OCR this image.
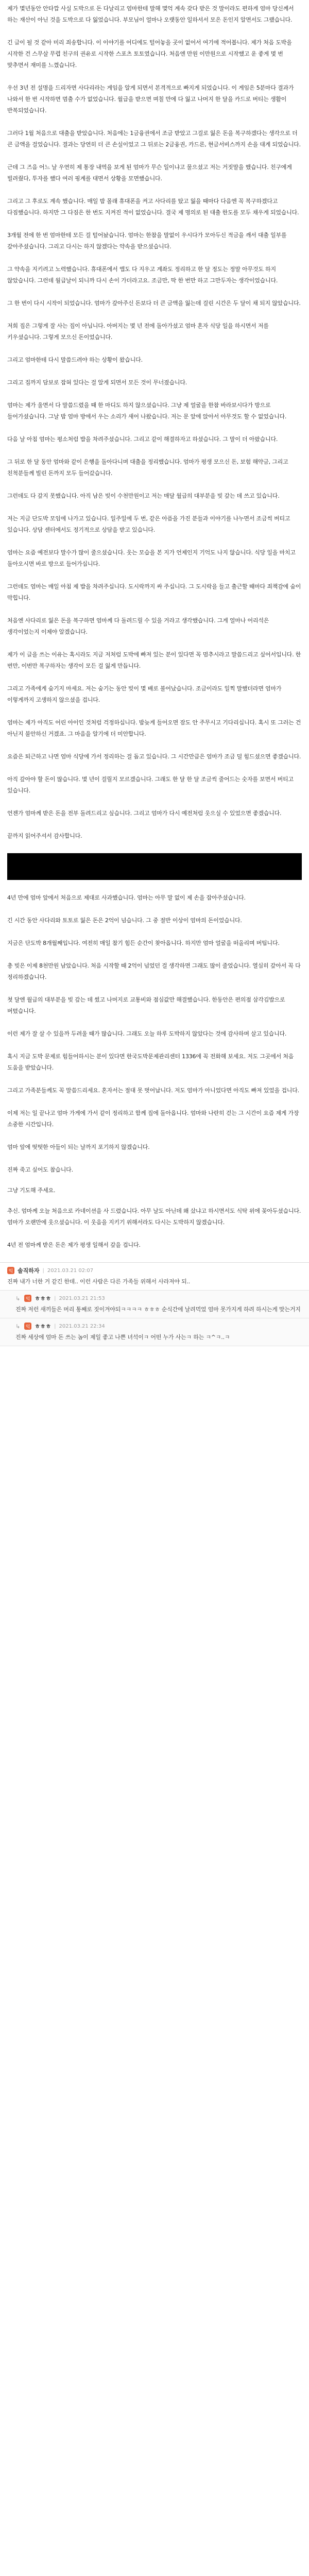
제가 몇년동안 안타깝 사실 도박으로 돈 다날리고 엄마한테 말해 몇억 계속 갖다 받은 것 말이라도 편하게 엄마 당신께서 하는 재산이 아닌 것을 도박으로 다 잃었습니다. 부모님이 얼마나 오랫동안 일하셔서 모은 돈인지 알면서도 그랬습니다.

긴 글이 될 것 같아 미리 죄송합니다. 이 이야기를 어디에도 털어놓을 곳이 없어서 여기에 적어봅니다. 제가 처음 도박을 시작한 건 스무살 무렵 친구의 권유로 시작한 스포츠 토토였습니다. 처음엔 만원 이만원으로 시작했고 운 좋게 몇 번 맞추면서 재미를 느꼈습니다.

우선 3년 전 설명을 드리자면 사다리라는 게임을 알게 되면서 본격적으로 빠지게 되었습니다. 이 게임은 5분마다 결과가 나와서 한 번 시작하면 멈출 수가 없었습니다. 월급을 받으면 며칠 만에 다 잃고 나머지 한 달을 카드로 버티는 생활이 반복되었습니다.

그러다 1월 처음으로 대출을 받았습니다. 처음에는 1금융권에서 조금 받았고 그걸로 잃은 돈을 복구하겠다는 생각으로 더 큰 금액을 걸었습니다. 결과는 당연히 더 큰 손실이었고 그 뒤로는 2금융권, 카드론, 현금서비스까지 손을 대게 되었습니다.

근데 그 즈음 어느 날 우연히 제 통장 내역을 보게 된 엄마가 무슨 일이냐고 물으셨고 저는 거짓말을 했습니다. 친구에게 빌려줬다, 투자를 했다 여러 핑계를 대면서 상황을 모면했습니다.

그리고 그 후로도 계속 했습니다. 매일 밤 몰래 휴대폰을 켜고 사다리를 탔고 잃을 때마다 다음엔 꼭 복구하겠다고 다짐했습니다. 하지만 그 다짐은 한 번도 지켜진 적이 없었습니다. 결국 제 명의로 된 대출 한도를 모두 채우게 되었습니다.

3개월 전에 한 번 엄마한테 모든 걸 털어놨습니다. 엄마는 한참을 말없이 우시다가 모아두신 적금을 깨서 대출 일부를 갚아주셨습니다. 그리고 다시는 하지 않겠다는 약속을 받으셨습니다.

그 약속을 지키려고 노력했습니다. 휴대폰에서 앱도 다 지우고 계좌도 정리하고 한 달 정도는 정말 아무것도 하지 않았습니다. 그런데 월급날이 되니까 다시 손이 가더라고요. 조금만, 딱 한 번만 하고 그만두자는 생각이었습니다.

그 한 번이 다시 시작이 되었습니다. 엄마가 갚아주신 돈보다 더 큰 금액을 잃는데 걸린 시간은 두 달이 채 되지 않았습니다.

저희 집은 그렇게 잘 사는 집이 아닙니다. 아버지는 몇 년 전에 돌아가셨고 엄마 혼자 식당 일을 하시면서 저를 키우셨습니다. 그렇게 모으신 돈이었습니다.

그리고 엄마한테 다시 말씀드려야 하는 상황이 왔습니다.

그리고 집까지 담보로 잡혀 있다는 걸 알게 되면서 모든 것이 무너졌습니다.

엄마는 제가 울면서 다 말씀드렸을 때 한 마디도 하지 않으셨습니다. 그냥 제 얼굴을 한참 바라보시다가 방으로 들어가셨습니다. 그날 밤 엄마 방에서 우는 소리가 새어 나왔습니다. 저는 문 앞에 앉아서 아무것도 할 수 없었습니다.

다음 날 아침 엄마는 평소처럼 밥을 차려주셨습니다. 그리고 같이 해결하자고 하셨습니다. 그 말이 더 아팠습니다.

그 뒤로 한 달 동안 엄마와 같이 은행을 돌아다니며 대출을 정리했습니다. 엄마가 평생 모으신 돈, 보험 해약금, 그리고 친척분들께 빌린 돈까지 모두 들어갔습니다.

그런데도 다 갚지 못했습니다. 아직 남은 빚이 수천만원이고 저는 매달 월급의 대부분을 빚 갚는 데 쓰고 있습니다.

저는 지금 단도박 모임에 나가고 있습니다. 일주일에 두 번, 같은 아픔을 가진 분들과 이야기를 나누면서 조금씩 버티고 있습니다. 상담 센터에서도 정기적으로 상담을 받고 있습니다.

엄마는 요즘 예전보다 말수가 많이 줄으셨습니다. 웃는 모습을 본 지가 언제인지 기억도 나지 않습니다. 식당 일을 마치고 돌아오시면 바로 방으로 들어가십니다.

그런데도 엄마는 매일 아침 제 밥을 차려주십니다. 도시락까지 싸 주십니다. 그 도시락을 들고 출근할 때마다 죄책감에 숨이 막힙니다.

처음엔 사다리로 잃은 돈을 복구하면 엄마께 다 돌려드릴 수 있을 거라고 생각했습니다. 그게 얼마나 어리석은 생각이었는지 이제야 알겠습니다.

제가 이 글을 쓰는 이유는 혹시라도 지금 저처럼 도박에 빠져 있는 분이 있다면 꼭 멈추시라고 말씀드리고 싶어서입니다. 한 번만, 이번만 복구하자는 생각이 모든 걸 잃게 만듭니다.

그리고 가족에게 숨기지 마세요. 저는 숨기는 동안 빚이 몇 배로 불어났습니다. 조금이라도 일찍 말했더라면 엄마가 이렇게까지 고생하지 않으셨을 겁니다.

엄마는 제가 아직도 어린 아이인 것처럼 걱정하십니다. 밤늦게 들어오면 잠도 안 주무시고 기다리십니다. 혹시 또 그러는 건 아닌지 불안하신 거겠죠. 그 마음을 알기에 더 미안합니다.

요즘은 퇴근하고 나면 엄마 식당에 가서 정리하는 걸 돕고 있습니다. 그 시간만큼은 엄마가 조금 덜 힘드셨으면 좋겠습니다.

아직 갚아야 할 돈이 많습니다. 몇 년이 걸릴지 모르겠습니다. 그래도 한 달 한 달 조금씩 줄어드는 숫자를 보면서 버티고 있습니다.

언젠가 엄마께 받은 돈을 전부 돌려드리고 싶습니다. 그리고 엄마가 다시 예전처럼 웃으실 수 있었으면 좋겠습니다.

끝까지 읽어주셔서 감사합니다.

4년 만에 엄마 앞에서 처음으로 제대로 사과했습니다. 엄마는 아무 말 없이 제 손을 잡아주셨습니다.

긴 시간 동안 사다리와 토토로 잃은 돈은 2억이 넘습니다. 그 중 절반 이상이 엄마의 돈이었습니다.

지금은 단도박 8개월째입니다. 여전히 매일 참기 힘든 순간이 찾아옵니다. 하지만 엄마 얼굴을 떠올리며 버팁니다.

총 빚은 이제 8천만원 남았습니다. 처음 시작할 때 2억이 넘었던 걸 생각하면 그래도 많이 줄었습니다. 열심히 갚아서 꼭 다 정리하겠습니다.

첫 달엔 월급의 대부분을 빚 갚는 데 썼고 나머지로 교통비와 점심값만 해결했습니다. 한동안은 편의점 삼각김밥으로 버텼습니다.

이런 제가 잘 살 수 있을까 두려울 때가 많습니다. 그래도 오늘 하루 도박하지 않았다는 것에 감사하며 살고 있습니다.

혹시 지금 도박 문제로 힘들어하시는 분이 있다면 한국도박문제관리센터 1336에 꼭 전화해 보세요. 저도 그곳에서 처음 도움을 받았습니다.

그리고 가족분들께도 꼭 말씀드리세요. 혼자서는 절대 못 벗어납니다. 저도 엄마가 아니었다면 아직도 빠져 있었을 겁니다.

이제 저는 일 끝나고 엄마 가게에 가서 같이 정리하고 함께 집에 돌아옵니다. 엄마와 나란히 걷는 그 시간이 요즘 제게 가장 소중한 시간입니다.

엄마 앞에 떳떳한 아들이 되는 날까지 포기하지 않겠습니다.

진짜 죽고 싶어도 참습니다.

그냥 기도해 주세요.

추신. 엄마께 오늘 처음으로 카네이션을 사 드렸습니다. 아무 날도 아닌데 왜 샀냐고 하시면서도 식탁 위에 꽂아두셨습니다. 엄마가 오랜만에 웃으셨습니다. 이 웃음을 지키기 위해서라도 다시는 도박하지 않겠습니다.

4년 전 엄마께 받은 돈은 제가 평생 일해서 갚을 겁니다.

익 솔직하자 | 2021.03.21 02:07
진짜 내가 너한 거 같긴 한데.. 이런 사람은 다른 가족들 위해서 사라져야 되..
↳ 익 ㅎㅎㅎ | 2021.03.21 21:53
진짜 저런 새끼들은 머리 통째로 짓이겨야되ㅋㅋㅋㅋ ㅎㅎㅎ 순식간에 날려먹었 엄마 못가지게 하려 하시는게 맞는거지
↳ 익 ㅎㅎㅎ | 2021.03.21 22:34
진짜 세상에 엄마 돈 쓰는 놈이 제일 좋고 나쁜 녀석이ㅋ 어떤 누가 사는ㅋ 하는 ㅋ^ㅋ..ㅋ
